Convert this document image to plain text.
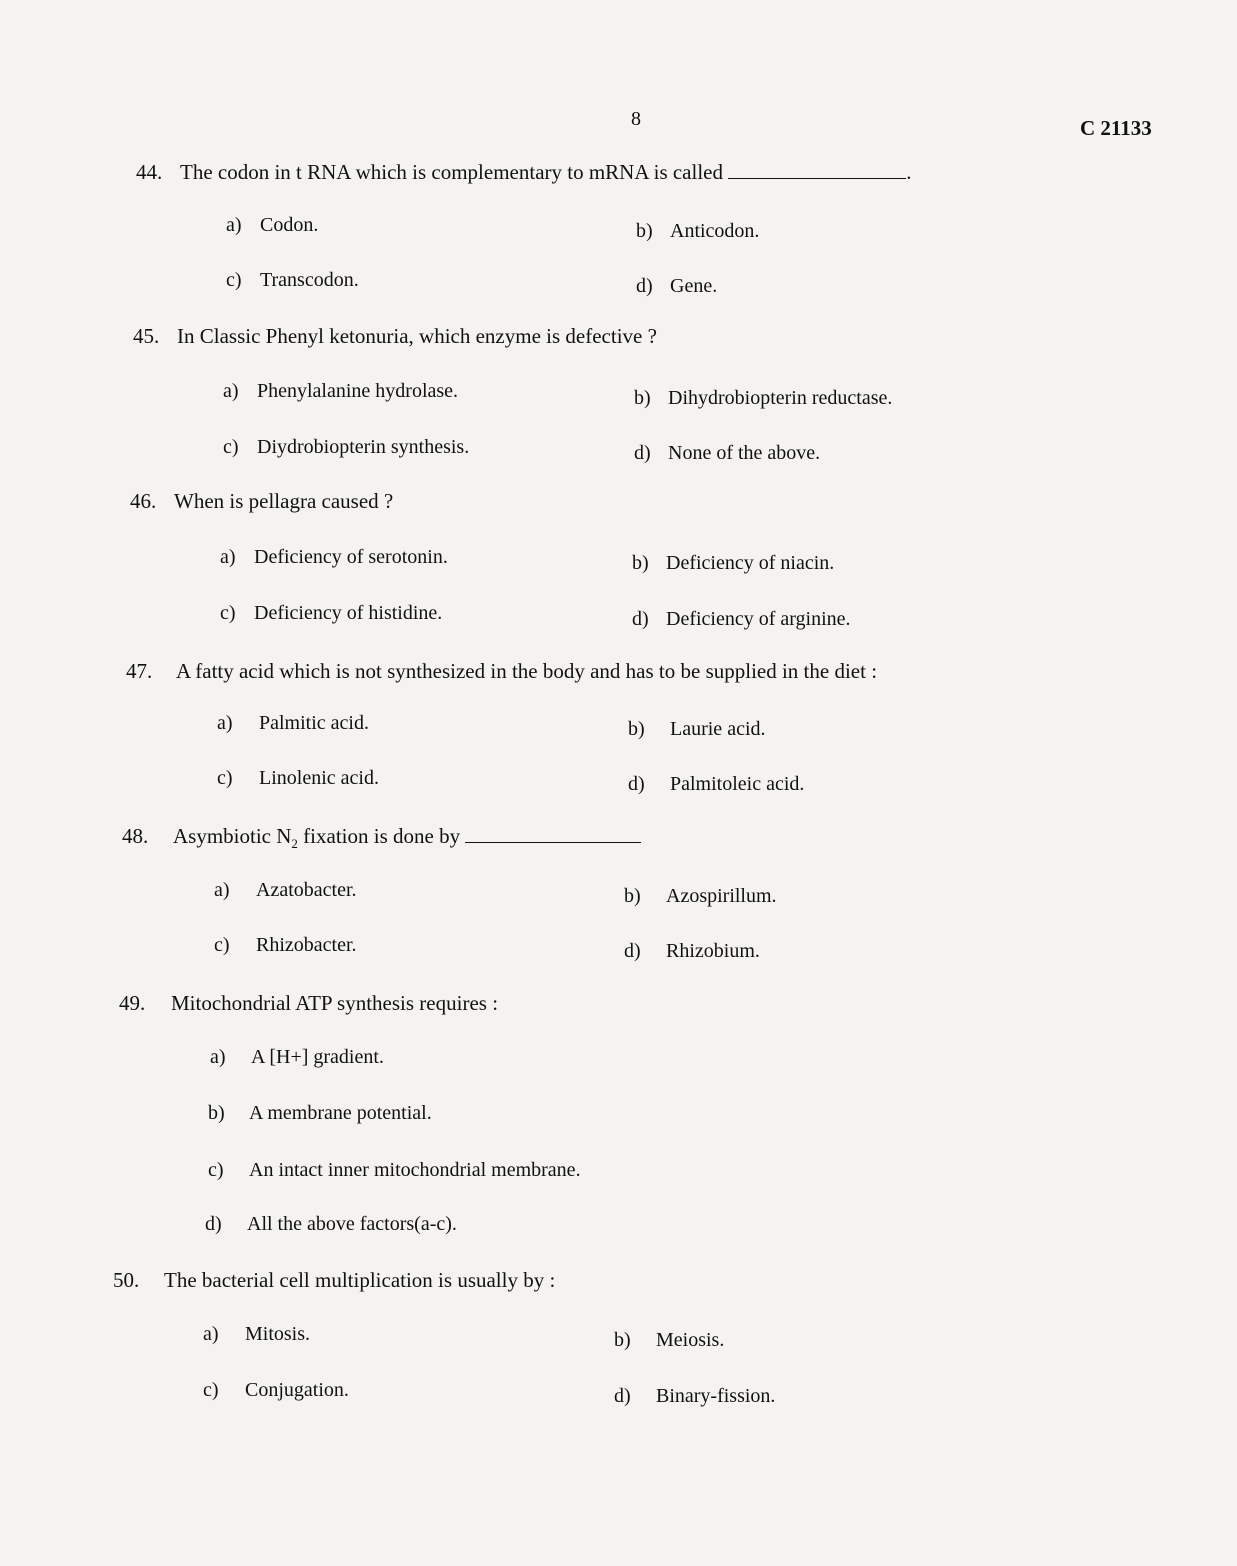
8	C 21133
44. The codon in t RNA which is complementary to mRNA is called	.
a) Codon.	b) Anticodon.
c) Transcodon.	d) Gene.
45. In Classic Phenyl ketonuria, which enzyme is defective ?
a) Phenylalanine hydrolase.	b) Dihydrobiopterin reductase.
c) Diydrobiopterin synthesis.	d) None of the above.
46. When is pellagra caused ?
a) Deficiency of serotonin.	b) Deficiency of niacin.
c) Deficiency of histidine.	d) Deficiency of arginine.
47. A fatty acid which is not synthesized in the body and has to be supplied in the diet :
a) Palmitic acid.	b) Laurie acid.
c) Linolenic acid.	d) Palmitoleic acid.
48. Asymbiotic $N_2$ fixation is done by
a) Azatobacter.	b) Azospirillum.
c) Rhizobacter.	d) Rhizobium.
49. Mitochondrial ATP synthesis requires :
a) A [H+] gradient.
b) A membrane potential.
c) An intact inner mitochondrial membrane.
d) All the above factors(a-c).
50. The bacterial cell multiplication is usually by :
a) Mitosis.	b) Meiosis.
c) Conjugation.	d) Binary-fission.
